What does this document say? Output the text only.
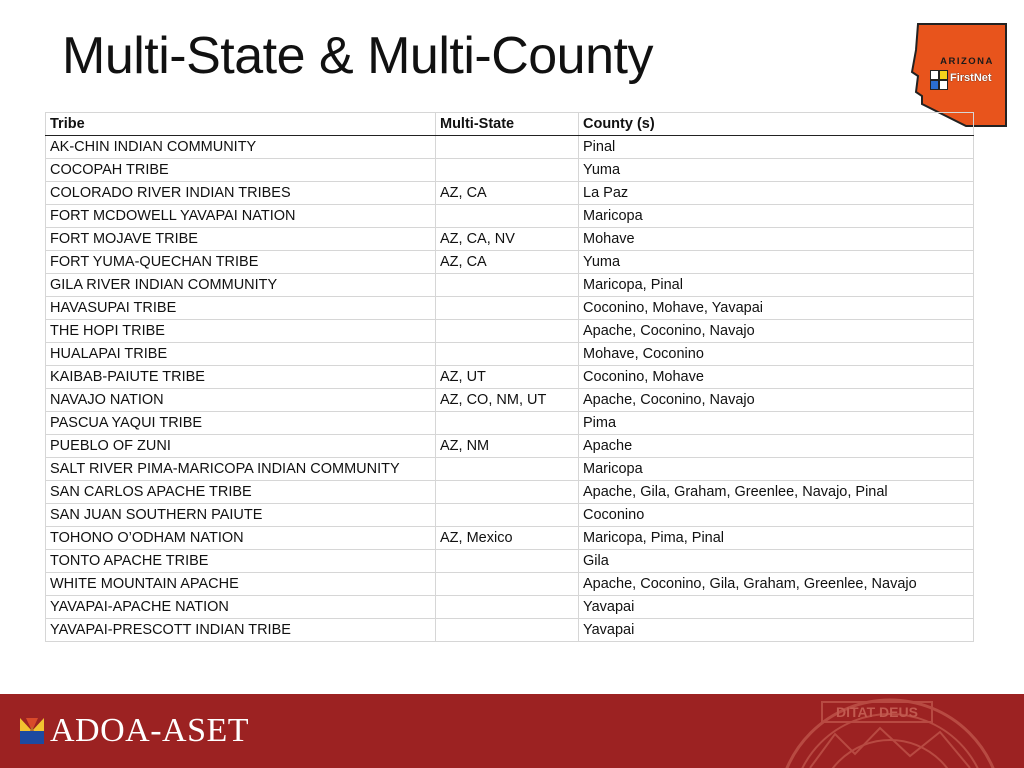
Multi-State & Multi-County	ARIZONA
FirstNet
Tribe	Multi-State	County (s)
AK-CHIN INDIAN COMMUNITY		Pinal
COCOPAH TRIBE		Yuma
COLORADO RIVER INDIAN TRIBES	AZ, CA	La Paz
FORT MCDOWELL YAVAPAI NATION		Maricopa
FORT MOJAVE TRIBE	AZ, CA, NV	Mohave
FORT YUMA-QUECHAN TRIBE	AZ, CA	Yuma
GILA RIVER INDIAN COMMUNITY		Maricopa, Pinal
HAVASUPAI TRIBE		Coconino, Mohave, Yavapai
THE HOPI TRIBE		Apache, Coconino, Navajo
HUALAPAI TRIBE		Mohave, Coconino
KAIBAB-PAIUTE TRIBE	AZ, UT	Coconino, Mohave
NAVAJO NATION	AZ, CO, NM, UT	Apache, Coconino, Navajo
PASCUA YAQUI TRIBE		Pima
PUEBLO OF ZUNI	AZ, NM	Apache
SALT RIVER PIMA-MARICOPA INDIAN COMMUNITY		Maricopa
SAN CARLOS APACHE TRIBE		Apache, Gila, Graham, Greenlee, Navajo, Pinal
SAN JUAN SOUTHERN PAIUTE		Coconino
TOHONO O’ODHAM NATION	AZ, Mexico	Maricopa, Pima, Pinal
TONTO APACHE TRIBE		Gila
WHITE MOUNTAIN APACHE		Apache, Coconino, Gila, Graham, Greenlee, Navajo
YAVAPAI-APACHE NATION		Yavapai
YAVAPAI-PRESCOTT INDIAN TRIBE		Yavapai
ADOA-ASET	DITAT DEUS
